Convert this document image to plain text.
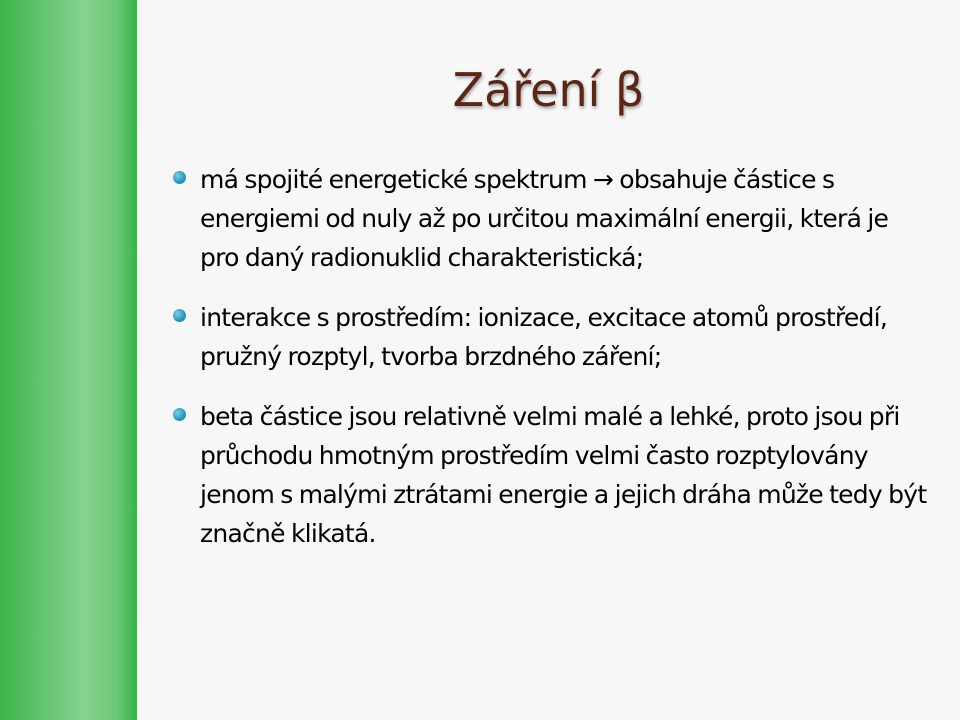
Záření β
má spojité energetické spektrum → obsahuje částice s energiemi od nuly až po určitou maximální energii, která je pro daný radionuklid charakteristická;
interakce s prostředím: ionizace, excitace atomů prostředí, pružný rozptyl, tvorba brzdného záření;
beta částice jsou relativně velmi malé a lehké, proto jsou při průchodu hmotným prostředím velmi často rozptylovány jenom s malými ztrátami energie a jejich dráha může tedy být značně klikatá.
